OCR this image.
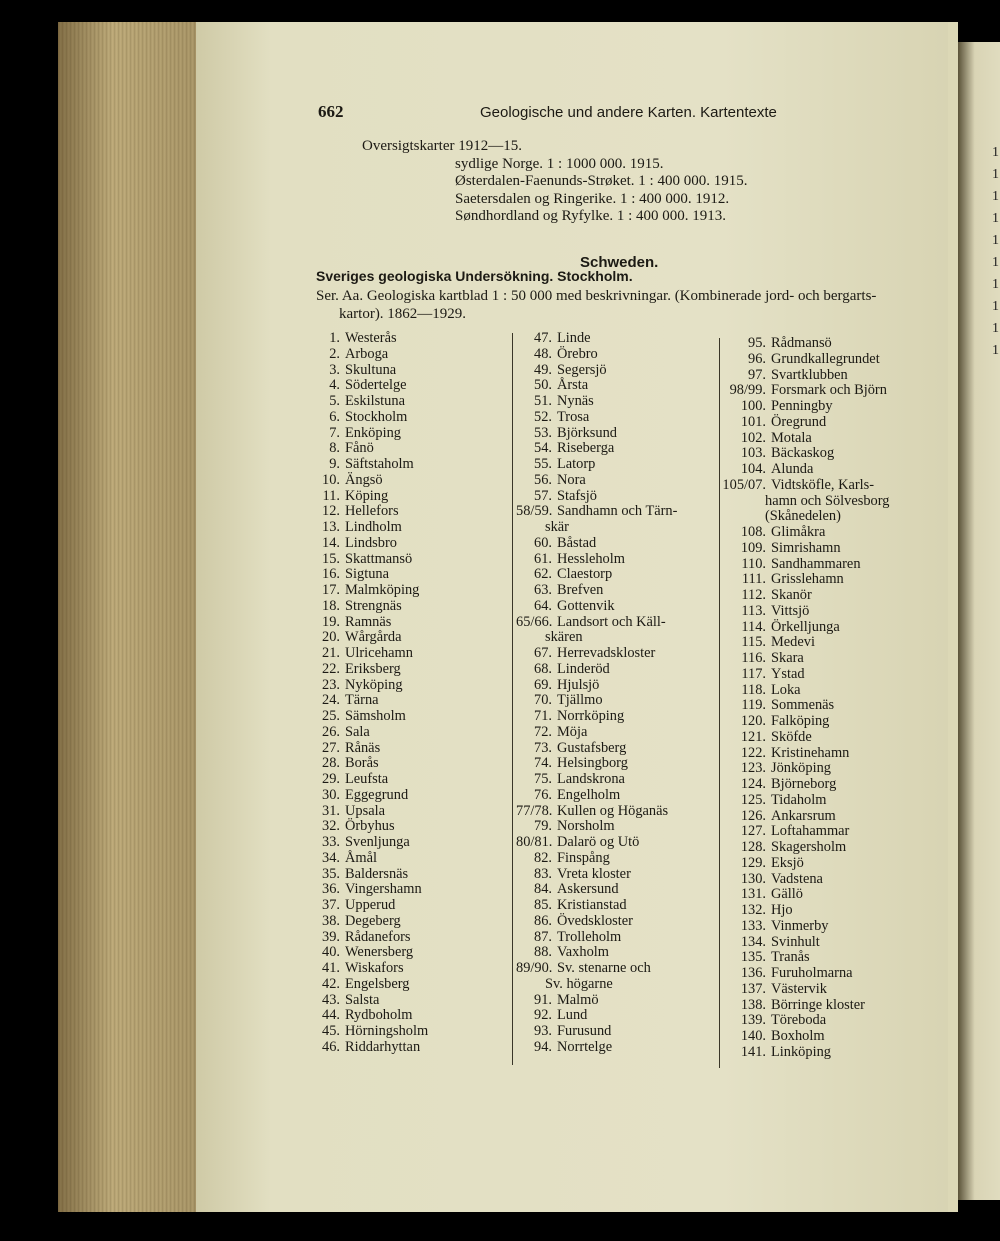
1
1
1
1
1
1
1
1
1
1
662	Geologische und andere Karten. Kartentexte
Oversigtskarter 1912—15.
sydlige Norge. 1 : 1000 000. 1915.
Østerdalen-Faenunds-Strøket. 1 : 400 000. 1915.
Saetersdalen og Ringerike. 1 : 400 000. 1912.
Søndhordland og Ryfylke. 1 : 400 000. 1913.
Schweden.
Sveriges geologiska Undersökning. Stockholm.
Ser. Aa. Geologiska kartblad 1 : 50 000 med beskrivningar. (Kombinerade jord- och bergarts-
kartor). 1862—1929.
1. Westerås
2. Arboga
3. Skultuna
4. Södertelge
5. Eskilstuna
6. Stockholm
7. Enköping
8. Fånö
9. Säftstaholm
10. Ängsö
11. Köping
12. Hellefors
13. Lindholm
14. Lindsbro
15. Skattmansö
16. Sigtuna
17. Malmköping
18. Strengnäs
19. Ramnäs
20. Wårgårda
21. Ulricehamn
22. Eriksberg
23. Nyköping
24. Tärna
25. Sämsholm
26. Sala
27. Rånäs
28. Borås
29. Leufsta
30. Eggegrund
31. Upsala
32. Örbyhus
33. Svenljunga
34. Åmål
35. Baldersnäs
36. Vingershamn
37. Upperud
38. Degeberg
39. Rådanefors
40. Wenersberg
41. Wiskafors
42. Engelsberg
43. Salsta
44. Rydboholm
45. Hörningsholm
46. Riddarhyttan
47. Linde
48. Örebro
49. Segersjö
50. Årsta
51. Nynäs
52. Trosa
53. Björksund
54. Riseberga
55. Latorp
56. Nora
57. Stafsjö
58/59. Sandhamn och Tärn-
skär
60. Båstad
61. Hessleholm
62. Claestorp
63. Brefven
64. Gottenvik
65/66. Landsort och Käll-
skären
67. Herrevadskloster
68. Linderöd
69. Hjulsjö
70. Tjällmo
71. Norrköping
72. Möja
73. Gustafsberg
74. Helsingborg
75. Landskrona
76. Engelholm
77/78. Kullen og Höganäs
79. Norsholm
80/81. Dalarö og Utö
82. Finspång
83. Vreta kloster
84. Askersund
85. Kristianstad
86. Övedskloster
87. Trolleholm
88. Vaxholm
89/90. Sv. stenarne och
Sv. högarne
91. Malmö
92. Lund
93. Furusund
94. Norrtelge
95. Rådmansö
96. Grundkallegrundet
97. Svartklubben
98/99. Forsmark och Björn
100. Penningby
101. Öregrund
102. Motala
103. Bäckaskog
104. Alunda
105/07. Vidtsköfle, Karls-
hamn och Sölvesborg
(Skånedelen)
108. Glimåkra
109. Simrishamn
110. Sandhammaren
111. Grisslehamn
112. Skanör
113. Vittsjö
114. Örkelljunga
115. Medevi
116. Skara
117. Ystad
118. Loka
119. Sommenäs
120. Falköping
121. Sköfde
122. Kristinehamn
123. Jönköping
124. Björneborg
125. Tidaholm
126. Ankarsrum
127. Loftahammar
128. Skagersholm
129. Eksjö
130. Vadstena
131. Gällö
132. Hjo
133. Vinmerby
134. Svinhult
135. Tranås
136. Furuholmarna
137. Västervik
138. Börringe kloster
139. Töreboda
140. Boxholm
141. Linköping
